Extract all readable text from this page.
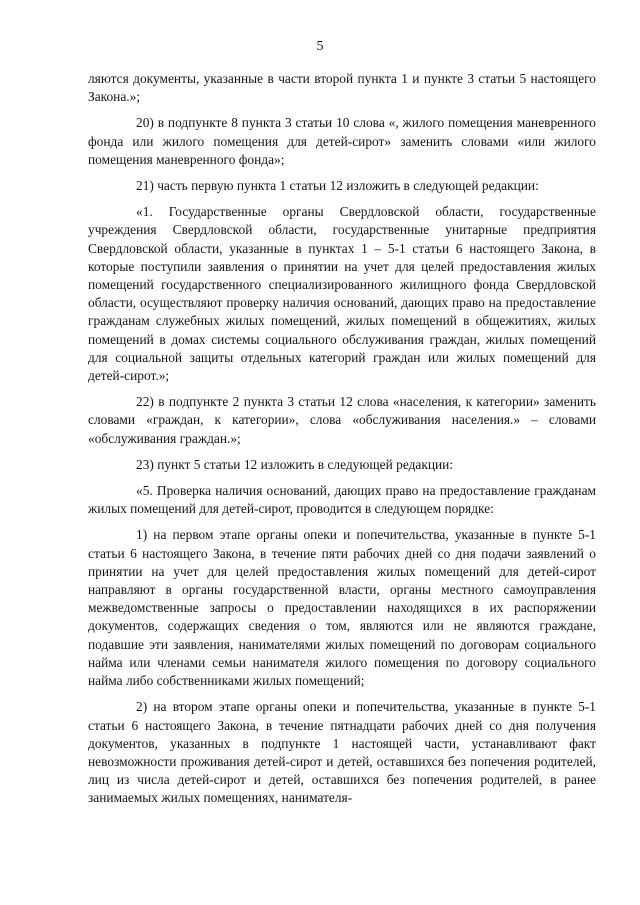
5

ляются документы, указанные в части второй пункта 1 и пункте 3 статьи 5 настоящего Закона.»;

20) в подпункте 8 пункта 3 статьи 10 слова «, жилого помещения маневренного фонда или жилого помещения для детей-сирот» заменить словами «или жилого помещения маневренного фонда»;

21) часть первую пункта 1 статьи 12 изложить в следующей редакции:

«1. Государственные органы Свердловской области, государственные учреждения Свердловской области, государственные унитарные предприятия Свердловской области, указанные в пунктах 1 – 5-1 статьи 6 настоящего Закона, в которые поступили заявления о принятии на учет для целей предоставления жилых помещений государственного специализированного жилищного фонда Свердловской области, осуществляют проверку наличия оснований, дающих право на предоставление гражданам служебных жилых помещений, жилых помещений в общежитиях, жилых помещений в домах системы социального обслуживания граждан, жилых помещений для социальной защиты отдельных категорий граждан или жилых помещений для детей-сирот.»;

22) в подпункте 2 пункта 3 статьи 12 слова «населения, к категории» заменить словами «граждан, к категории», слова «обслуживания населения.» – словами «обслуживания граждан.»;

23) пункт 5 статьи 12 изложить в следующей редакции:

«5. Проверка наличия оснований, дающих право на предоставление гражданам жилых помещений для детей-сирот, проводится в следующем порядке:

1) на первом этапе органы опеки и попечительства, указанные в пункте 5-1 статьи 6 настоящего Закона, в течение пяти рабочих дней со дня подачи заявлений о принятии на учет для целей предоставления жилых помещений для детей-сирот направляют в органы государственной власти, органы местного самоуправления межведомственные запросы о предоставлении находящихся в их распоряжении документов, содержащих сведения о том, являются или не являются граждане, подавшие эти заявления, нанимателями жилых помещений по договорам социального найма или членами семьи нанимателя жилого помещения по договору социального найма либо собственниками жилых помещений;

2) на втором этапе органы опеки и попечительства, указанные в пункте 5-1 статьи 6 настоящего Закона, в течение пятнадцати рабочих дней со дня получения документов, указанных в подпункте 1 настоящей части, устанавливают факт невозможности проживания детей-сирот и детей, оставшихся без попечения родителей, лиц из числа детей-сирот и детей, оставшихся без попечения родителей, в ранее занимаемых жилых помещениях, нанимателя-
